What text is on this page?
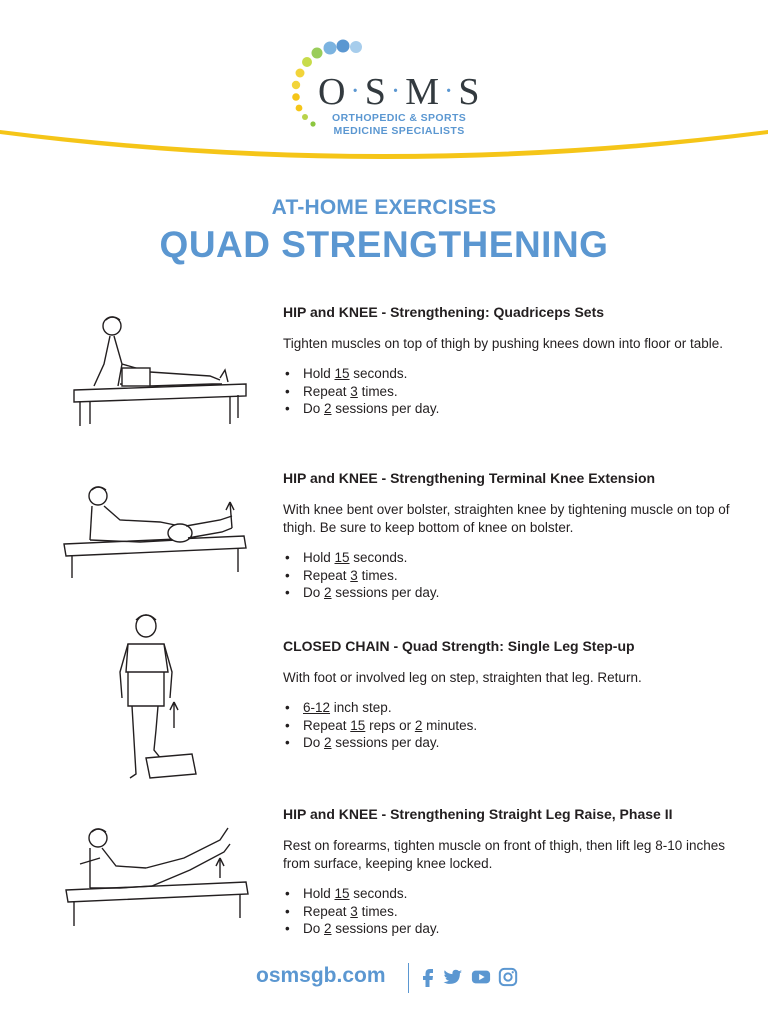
O·S·M·S
ORTHOPEDIC & SPORTS
MEDICINE SPECIALISTS
AT-HOME EXERCISES
QUAD STRENGTHENING
HIP and KNEE - Strengthening: Quadriceps Sets

Tighten muscles on top of thigh by pushing knees down into floor or table.

• Hold 15 seconds.
• Repeat 3 times.
• Do 2 sessions per day.
HIP and KNEE - Strengthening Terminal Knee Extension

With knee bent over bolster, straighten knee by tightening muscle on top of thigh. Be sure to keep bottom of knee on bolster.

• Hold 15 seconds.
• Repeat 3 times.
• Do 2 sessions per day.
CLOSED CHAIN - Quad Strength: Single Leg Step-up

With foot or involved leg on step, straighten that leg. Return.

• 6-12 inch step.
• Repeat 15 reps or 2 minutes.
• Do 2 sessions per day.
HIP and KNEE - Strengthening Straight Leg Raise, Phase II

Rest on forearms, tighten muscle on front of thigh, then lift leg 8-10 inches from surface, keeping knee locked.

• Hold 15 seconds.
• Repeat 3 times.
• Do 2 sessions per day.
osmsgb.com
